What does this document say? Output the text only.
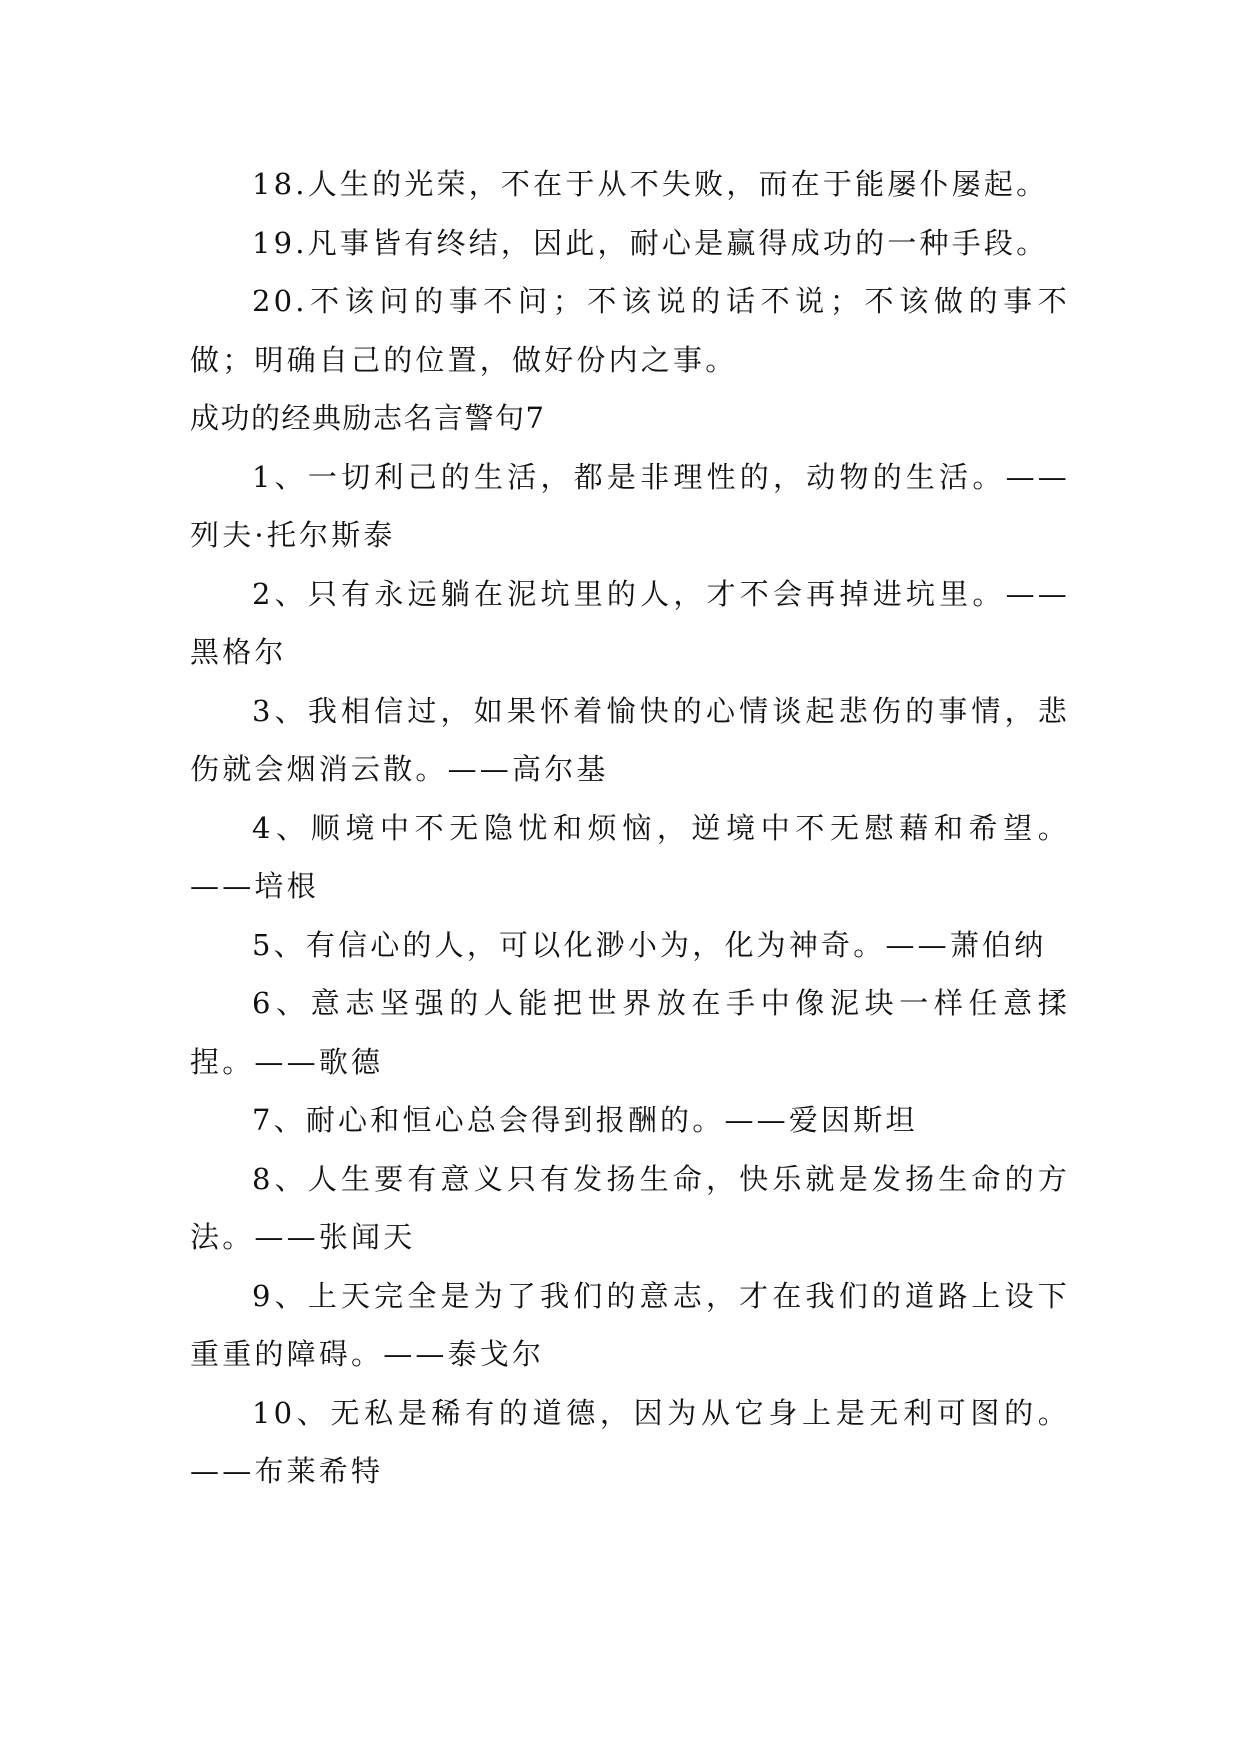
18.人生的光荣，不在于从不失败，而在于能屡仆屡起。

19.凡事皆有终结，因此，耐心是赢得成功的一种手段。

20.不该问的事不问；不该说的话不说；不该做的事不做；明确自己的位置，做好份内之事。

成功的经典励志名言警句7

1、一切利己的生活，都是非理性的，动物的生活。——列夫·托尔斯泰

2、只有永远躺在泥坑里的人，才不会再掉进坑里。——黑格尔

3、我相信过，如果怀着愉快的心情谈起悲伤的事情，悲伤就会烟消云散。——高尔基

4、顺境中不无隐忧和烦恼，逆境中不无慰藉和希望。——培根

5、有信心的人，可以化渺小为，化为神奇。——萧伯纳

6、意志坚强的人能把世界放在手中像泥块一样任意揉捏。——歌德

7、耐心和恒心总会得到报酬的。——爱因斯坦

8、人生要有意义只有发扬生命，快乐就是发扬生命的方法。——张闻天

9、上天完全是为了我们的意志，才在我们的道路上设下重重的障碍。——泰戈尔

10、无私是稀有的道德，因为从它身上是无利可图的。——布莱希特
